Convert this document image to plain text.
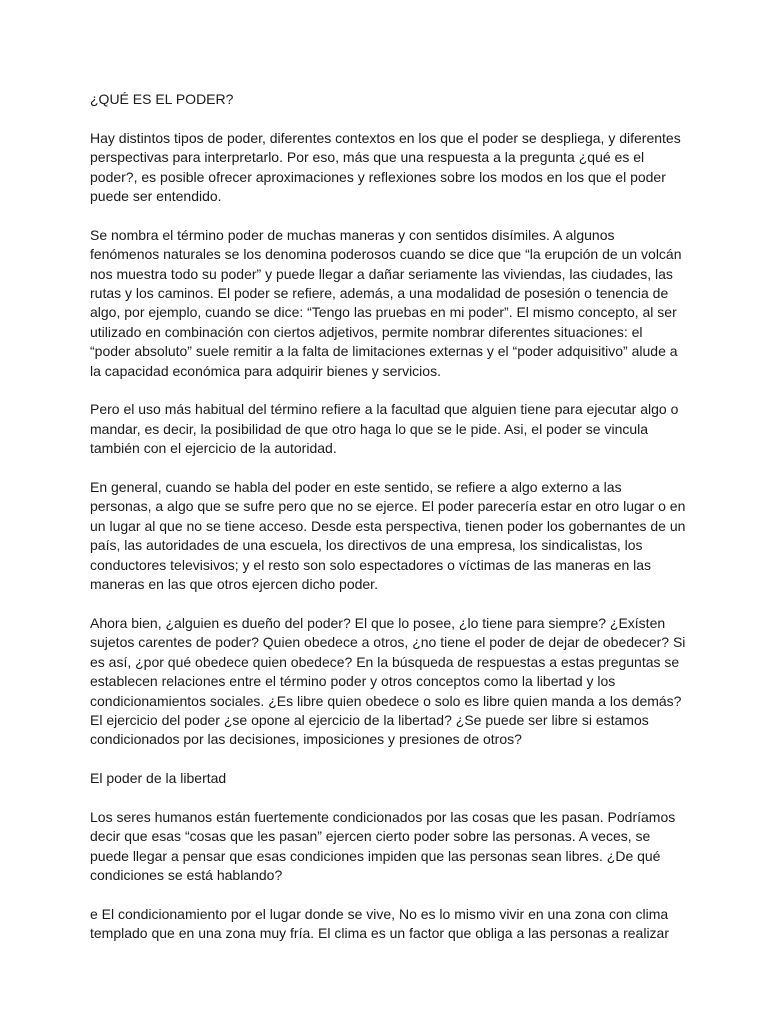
¿QUÉ ES EL PODER?

Hay distintos tipos de poder, diferentes contextos en los que el poder se despliega, y diferentes
perspectivas para interpretarlo. Por eso, más que una respuesta a la pregunta ¿qué es el
poder?, es posible ofrecer aproximaciones y reflexiones sobre los modos en los que el poder
puede ser entendido.

Se nombra el término poder de muchas maneras y con sentidos disímiles. A algunos
fenómenos naturales se los denomina poderosos cuando se dice que “la erupción de un volcán
nos muestra todo su poder” y puede llegar a dañar seriamente las viviendas, las ciudades, las
rutas y los caminos. El poder se refiere, además, a una modalidad de posesión o tenencia de
algo, por ejemplo, cuando se dice: “Tengo las pruebas en mi poder”. El mismo concepto, al ser
utilizado en combinación con ciertos adjetivos, permite nombrar diferentes situaciones: el
“poder absoluto” suele remitir a la falta de limitaciones externas y el “poder adquisitivo” alude a
la capacidad económica para adquirir bienes y servicios.

Pero el uso más habitual del término refiere a la facultad que alguien tiene para ejecutar algo o
mandar, es decir, la posibilidad de que otro haga lo que se le pide. Asi, el poder se vincula
también con el ejercicio de la autoridad.

En general, cuando se habla del poder en este sentido, se refiere a algo externo a las
personas, a algo que se sufre pero que no se ejerce. El poder parecería estar en otro lugar o en
un lugar al que no se tiene acceso. Desde esta perspectiva, tienen poder los gobernantes de un
país, las autoridades de una escuela, los directivos de una empresa, los sindicalistas, los
conductores televisivos; y el resto son solo espectadores o víctimas de las maneras en las
maneras en las que otros ejercen dicho poder.

Ahora bien, ¿alguien es dueño del poder? El que lo posee, ¿lo tiene para siempre? ¿Exísten
sujetos carentes de poder? Quien obedece a otros, ¿no tiene el poder de dejar de obedecer? Si
es así, ¿por qué obedece quien obedece? En la búsqueda de respuestas a estas preguntas se
establecen relaciones entre el término poder y otros conceptos como la libertad y los
condicionamientos sociales. ¿Es libre quien obedece o solo es libre quien manda a los demás?
El ejercicio del poder ¿se opone al ejercicio de la libertad? ¿Se puede ser libre si estamos
condicionados por las decisiones, imposiciones y presiones de otros?

El poder de la libertad

Los seres humanos están fuertemente condicionados por las cosas que les pasan. Podríamos
decir que esas “cosas que les pasan” ejercen cierto poder sobre las personas. A veces, se
puede llegar a pensar que esas condiciones impiden que las personas sean libres. ¿De qué
condiciones se está hablando?

e El condicionamiento por el lugar donde se vive, No es lo mismo vivir en una zona con clima
templado que en una zona muy fría. El clima es un factor que obliga a las personas a realizar
